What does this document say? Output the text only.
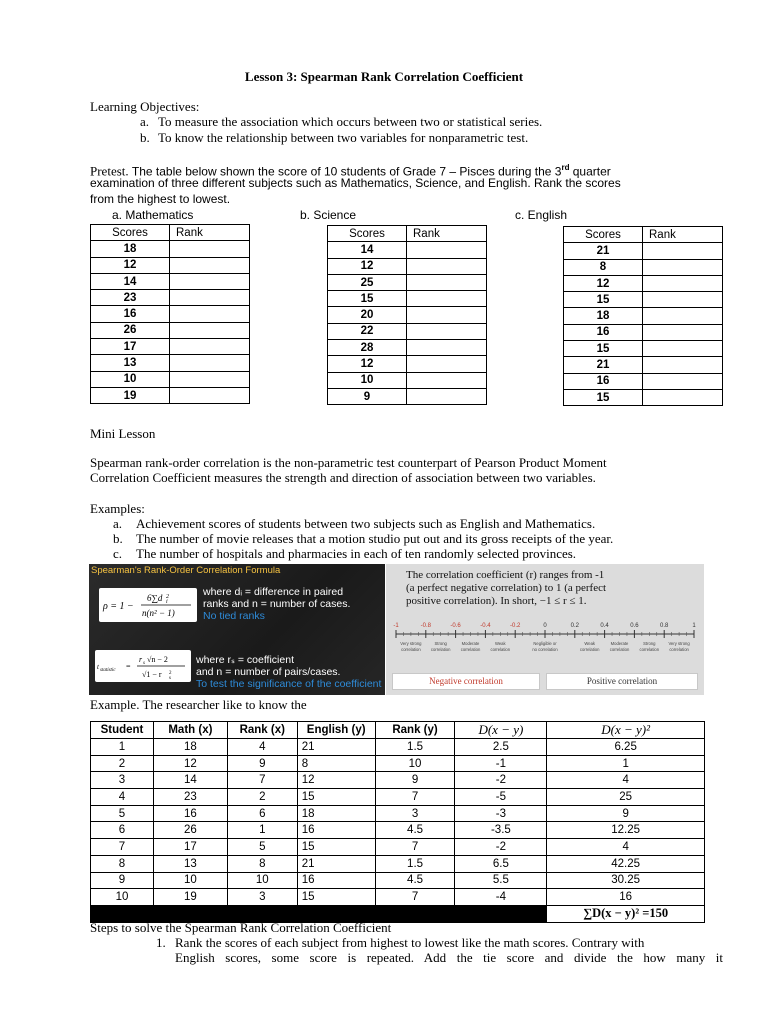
Lesson 3: Spearman Rank Correlation Coefficient
Learning Objectives:
a. To measure the association which occurs between two or statistical series.
b. To know the relationship between two variables for nonparametric test.
Pretest. The table below shown the score of 10 students of Grade 7 – Pisces during the 3rd quarter
examination of three different subjects such as Mathematics, Science, and English. Rank the scores
from the highest to lowest.
a. Mathematics	b. Science	c. English
Scores	Rank
18	
12	
14	
23	
16	
26	
17	
13	
10	
19	
Scores	Rank
14	
12	
25	
15	
20	
22	
28	
12	
10	
9	
Scores	Rank
21	
8	
12	
15	
18	
16	
15	
21	
16	
15	
Mini Lesson
Spearman rank-order correlation is the non-parametric test counterpart of Pearson Product Moment
Correlation Coefficient measures the strength and direction of association between two variables.
Examples:
a. Achievement scores of students between two subjects such as English and Mathematics.
b. The number of movie releases that a motion studio put out and its gross receipts of the year.
c. The number of hospitals and pharmacies in each of ten randomly selected provinces.
Spearman's Rank-Order Correlation Formula
ρ = 1 −
6∑d 2
i
n(n² − 1)
where dᵢ = difference in paired
ranks and n = number of cases.
No tied ranks
t statistic =
r s √n − 2
√1 − r 2
s
where rₛ = coefficient
and n = number of pairs/cases.
To test the significance of the coefficient
The correlation coefficient (r) ranges from -1
(a perfect negative correlation) to 1 (a perfect
positive correlation). In short, −1 ≤ r ≤ 1.
-1	-0.8	-0.6	-0.4	-0.2	0	0.2	0.4	0.6	0.8	1
Very strong
correlation
Strong
correlation
Moderate
correlation
Weak
correlation
Negligible or
no correlation
Weak
correlation
Moderate
correlation
Strong
correlation
Very strong
correlation
Negative correlation	Positive correlation
Example. The researcher like to know the
Student	Math (x)	Rank (x)	English (y)	Rank (y)	D(x − y)	D(x − y)²
1	18	4	21	1.5	2.5	6.25
2	12	9	8	10	-1	1
3	14	7	12	9	-2	4
4	23	2	15	7	-5	25
5	16	6	18	3	-3	9
6	26	1	16	4.5	-3.5	12.25
7	17	5	15	7	-2	4
8	13	8	21	1.5	6.5	42.25
9	10	10	16	4.5	5.5	30.25
10	19	3	15	7	-4	16
						∑D(x − y)² =150
Steps to solve the Spearman Rank Correlation Coefficient
1. Rank the scores of each subject from highest to lowest like the math scores. Contrary with
English scores, some score is repeated. Add the tie score and divide the how many it
